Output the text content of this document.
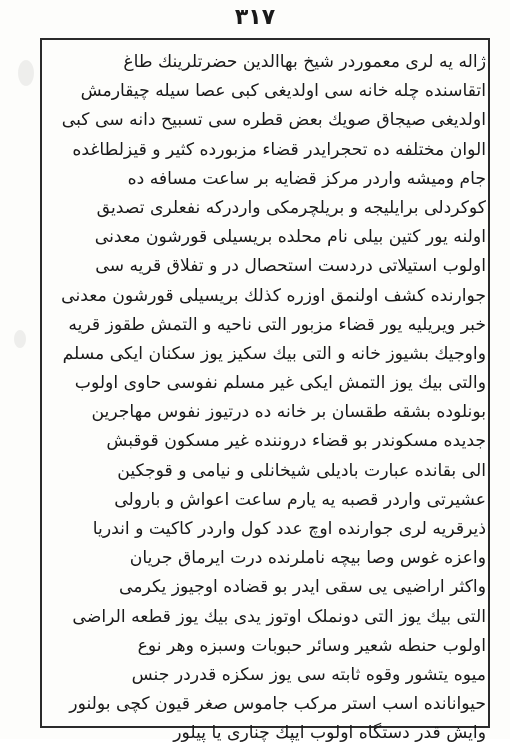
٣١٧
ژاله یه لری معموردر شیخ بهاالدین حضرتلرینك طاغ
اتقاسنده چله خانه سی اولدیغی کبی عصا سیله چیقارمش
اولدیغی صیجاق صویك بعض قطره سی تسبیح دانه سی کبی
الوان مختلفه ده تحجرایدر قضاء مزبورده کثیر و قیزلطاغده
جام ومیشه واردر مرکز قضایه بر ساعت مسافه ده
کوکردلی برایلیجه و بریلچرمکی واردرکه نفعلری تصدیق
اولنه یور کتین بیلی نام محلده بریسیلی قورشون معدنی
اولوب استیلاتی دردست استحصال در و تفلاق قریه سی
جوارنده کشف اولنمق اوزره کذلك بریسیلی قورشون معدنی
خبر ویریلیه یور قضاء مزبور التی ناحیه و التمش طقوز قریه
واوجیك بشیوز خانه و التی بیك سکیز یوز سکنان ایکی مسلم
والتی بیك یوز التمش ایکی غیر مسلم نفوسی حاوی اولوب
بونلوده بشقه طقسان بر خانه ده درتیوز نفوس مهاجرین
جدیده مسکوندر بو قضاء دروننده غیر مسکون قوقبش
الی بقانده عبارت بادیلی شیخانلی و نیامی و قوجکین
عشیرتی واردر قصبه یه یارم ساعت اعواش و بارولی
ذیرقریه لری جوارنده اوچ عدد کول واردر کاکیت و اندریا
واعزه غوس وصا بیچه ناملرنده درت ایرماق جریان
واکثر اراضیی یی سقی ایدر بو قضاده اوجیوز یکرمی
التی بیك یوز التی دونملک اوتوز یدی بیك یوز قطعه الراضی
اولوب حنطه شعیر وسائر حبوبات وسبزه وهر نوع
میوه یتشور وقوه ثابته سی یوز سکزه قدردر جنس
حیوانانده اسب استر مرکب جاموس صغر قیون کچی بولنور
وایش قدر دستگاه اولوب ایپك چناری یا پیلور
